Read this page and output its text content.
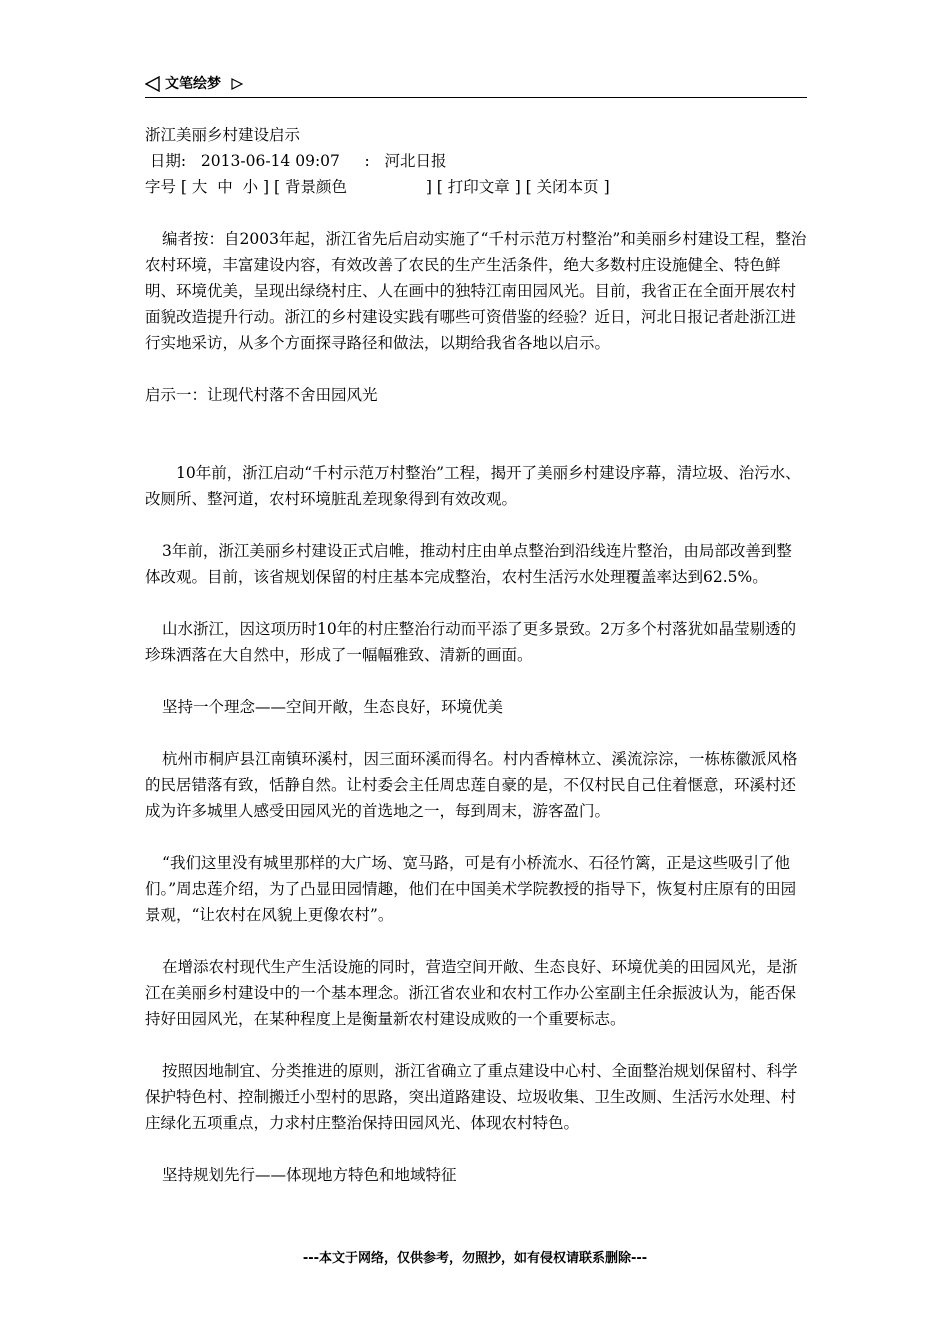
文笔绘梦

浙江美丽乡村建设启示

日期:   2013-06-14 09:07     :   河北日报

字号 [ 大  中  小 ] [ 背景颜色                ] [ 打印文章 ] [ 关闭本页 ]

编者按：自2003年起，浙江省先后启动实施了“千村示范万村整治”和美丽乡村建设工程，整治农村环境，丰富建设内容，有效改善了农民的生产生活条件，绝大多数村庄设施健全、特色鲜明、环境优美，呈现出绿绕村庄、人在画中的独特江南田园风光。目前，我省正在全面开展农村面貌改造提升行动。浙江的乡村建设实践有哪些可资借鉴的经验？近日，河北日报记者赴浙江进行实地采访，从多个方面探寻路径和做法，以期给我省各地以启示。

启示一：让现代村落不舍田园风光

10年前，浙江启动“千村示范万村整治”工程，揭开了美丽乡村建设序幕，清垃圾、治污水、改厕所、整河道，农村环境脏乱差现象得到有效改观。

3年前，浙江美丽乡村建设正式启帷，推动村庄由单点整治到沿线连片整治，由局部改善到整体改观。目前，该省规划保留的村庄基本完成整治，农村生活污水处理覆盖率达到62.5%。

山水浙江，因这项历时10年的村庄整治行动而平添了更多景致。2万多个村落犹如晶莹剔透的珍珠洒落在大自然中，形成了一幅幅雅致、清新的画面。

坚持一个理念——空间开敞，生态良好，环境优美

杭州市桐庐县江南镇环溪村，因三面环溪而得名。村内香樟林立、溪流淙淙，一栋栋徽派风格的民居错落有致，恬静自然。让村委会主任周忠莲自豪的是，不仅村民自己住着惬意，环溪村还成为许多城里人感受田园风光的首选地之一，每到周末，游客盈门。

“我们这里没有城里那样的大广场、宽马路，可是有小桥流水、石径竹篱，正是这些吸引了他们。”周忠莲介绍，为了凸显田园情趣，他们在中国美术学院教授的指导下，恢复村庄原有的田园景观，“让农村在风貌上更像农村”。

在增添农村现代生产生活设施的同时，营造空间开敞、生态良好、环境优美的田园风光，是浙江在美丽乡村建设中的一个基本理念。浙江省农业和农村工作办公室副主任余振波认为，能否保持好田园风光，在某种程度上是衡量新农村建设成败的一个重要标志。

按照因地制宜、分类推进的原则，浙江省确立了重点建设中心村、全面整治规划保留村、科学保护特色村、控制搬迁小型村的思路，突出道路建设、垃圾收集、卫生改厕、生活污水处理、村庄绿化五项重点，力求村庄整治保持田园风光、体现农村特色。

坚持规划先行——体现地方特色和地域特征

---本文于网络，仅供参考，勿照抄，如有侵权请联系删除---
